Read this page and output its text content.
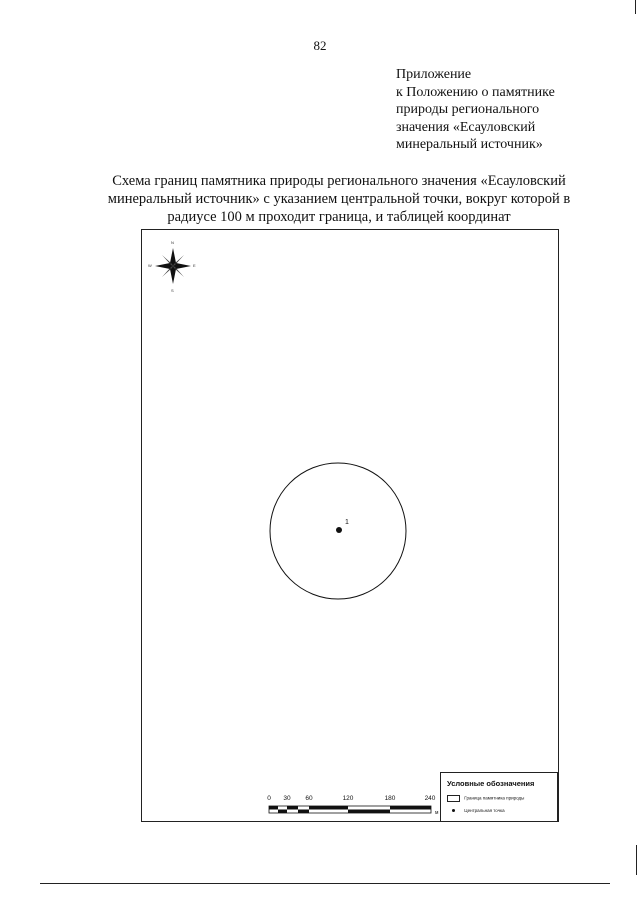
82
Приложение
к Положению о памятнике
природы регионального
значения «Есауловский
минеральный источник»
Схема границ памятника природы регионального значения «Есауловский
минеральный источник» с указанием центральной точки, вокруг которой в
радиусе 100 м проходит граница, и таблицей координат
N
S
E
W
1
0 30 60	120	180	240
м
Условные обозначения
Граница памятника природы
Центральная точка
